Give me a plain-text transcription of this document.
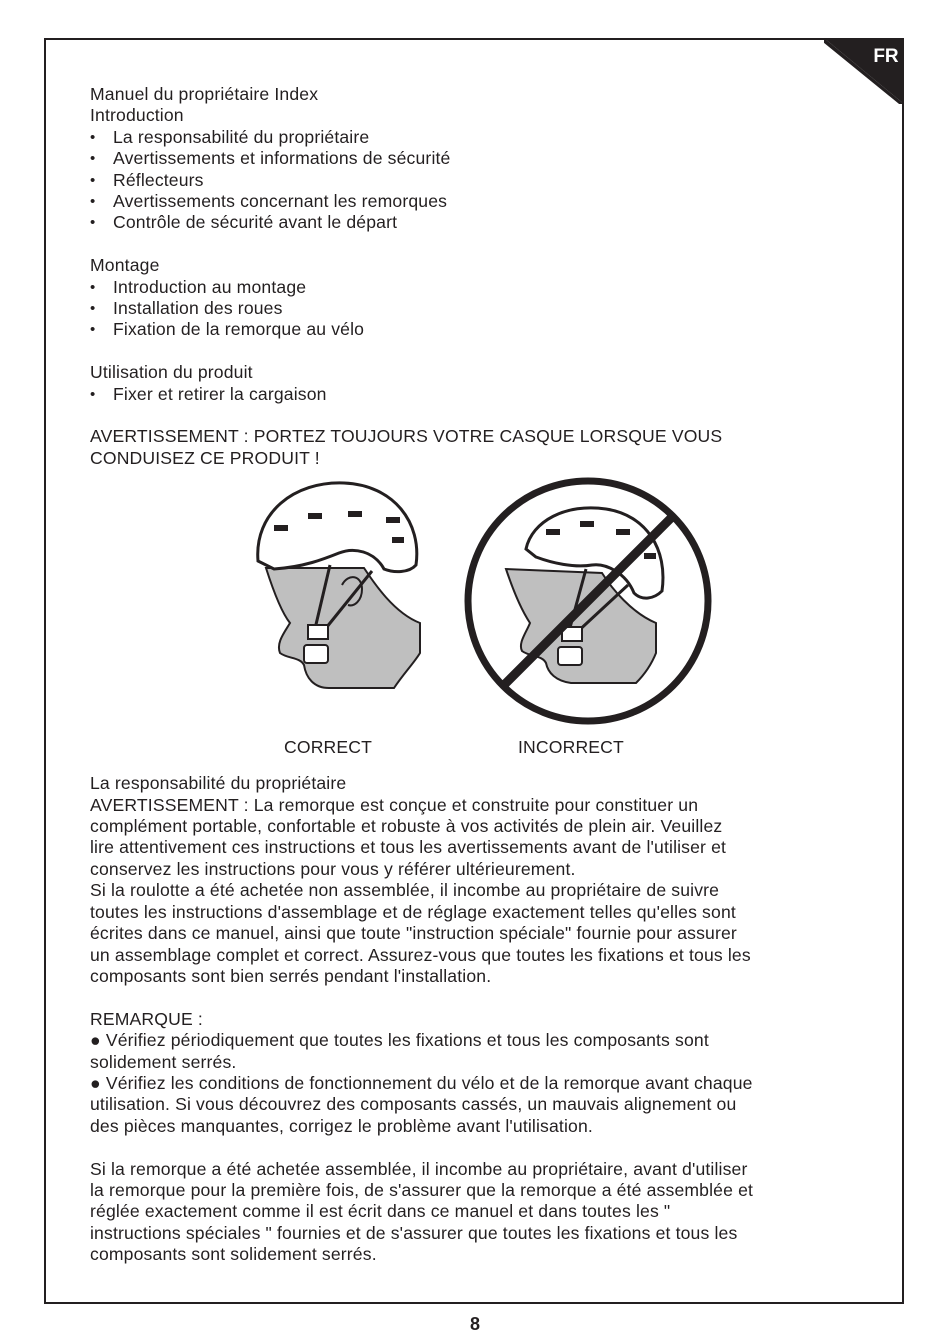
FR

Manuel du propriétaire Index

Introduction

• La responsabilité du propriétaire
• Avertissements et informations de sécurité
• Réflecteurs
• Avertissements concernant les remorques
• Contrôle de sécurité avant le départ

Montage

• Introduction au montage
• Installation des roues
• Fixation de la remorque au vélo

Utilisation du produit

• Fixer et retirer la cargaison

AVERTISSEMENT : PORTEZ TOUJOURS VOTRE CASQUE LORSQUE VOUS

CONDUISEZ CE PRODUIT !

CORRECT	INCORRECT

La responsabilité du propriétaire

AVERTISSEMENT : La remorque est conçue et construite pour constituer un

complément portable, confortable et robuste à vos activités de plein air. Veuillez

lire attentivement ces instructions et tous les avertissements avant de l'utiliser et

conservez les instructions pour vous y référer ultérieurement.

Si la roulotte a été achetée non assemblée, il incombe au propriétaire de suivre

toutes les instructions d'assemblage et de réglage exactement telles qu'elles sont

écrites dans ce manuel, ainsi que toute "instruction spéciale" fournie pour assurer

un assemblage complet et correct. Assurez-vous que toutes les fixations et tous les

composants sont bien serrés pendant l'installation.

REMARQUE :

● Vérifiez périodiquement que toutes les fixations et tous les composants sont

solidement serrés.

● Vérifiez les conditions de fonctionnement du vélo et de la remorque avant chaque

utilisation. Si vous découvrez des composants cassés, un mauvais alignement ou

des pièces manquantes, corrigez le problème avant l'utilisation.

Si la remorque a été achetée assemblée, il incombe au propriétaire, avant d'utiliser

la remorque pour la première fois, de s'assurer que la remorque a été assemblée et

réglée exactement comme il est écrit dans ce manuel et dans toutes les "

instructions spéciales " fournies et de s'assurer que toutes les fixations et tous les

composants sont solidement serrés.

8
